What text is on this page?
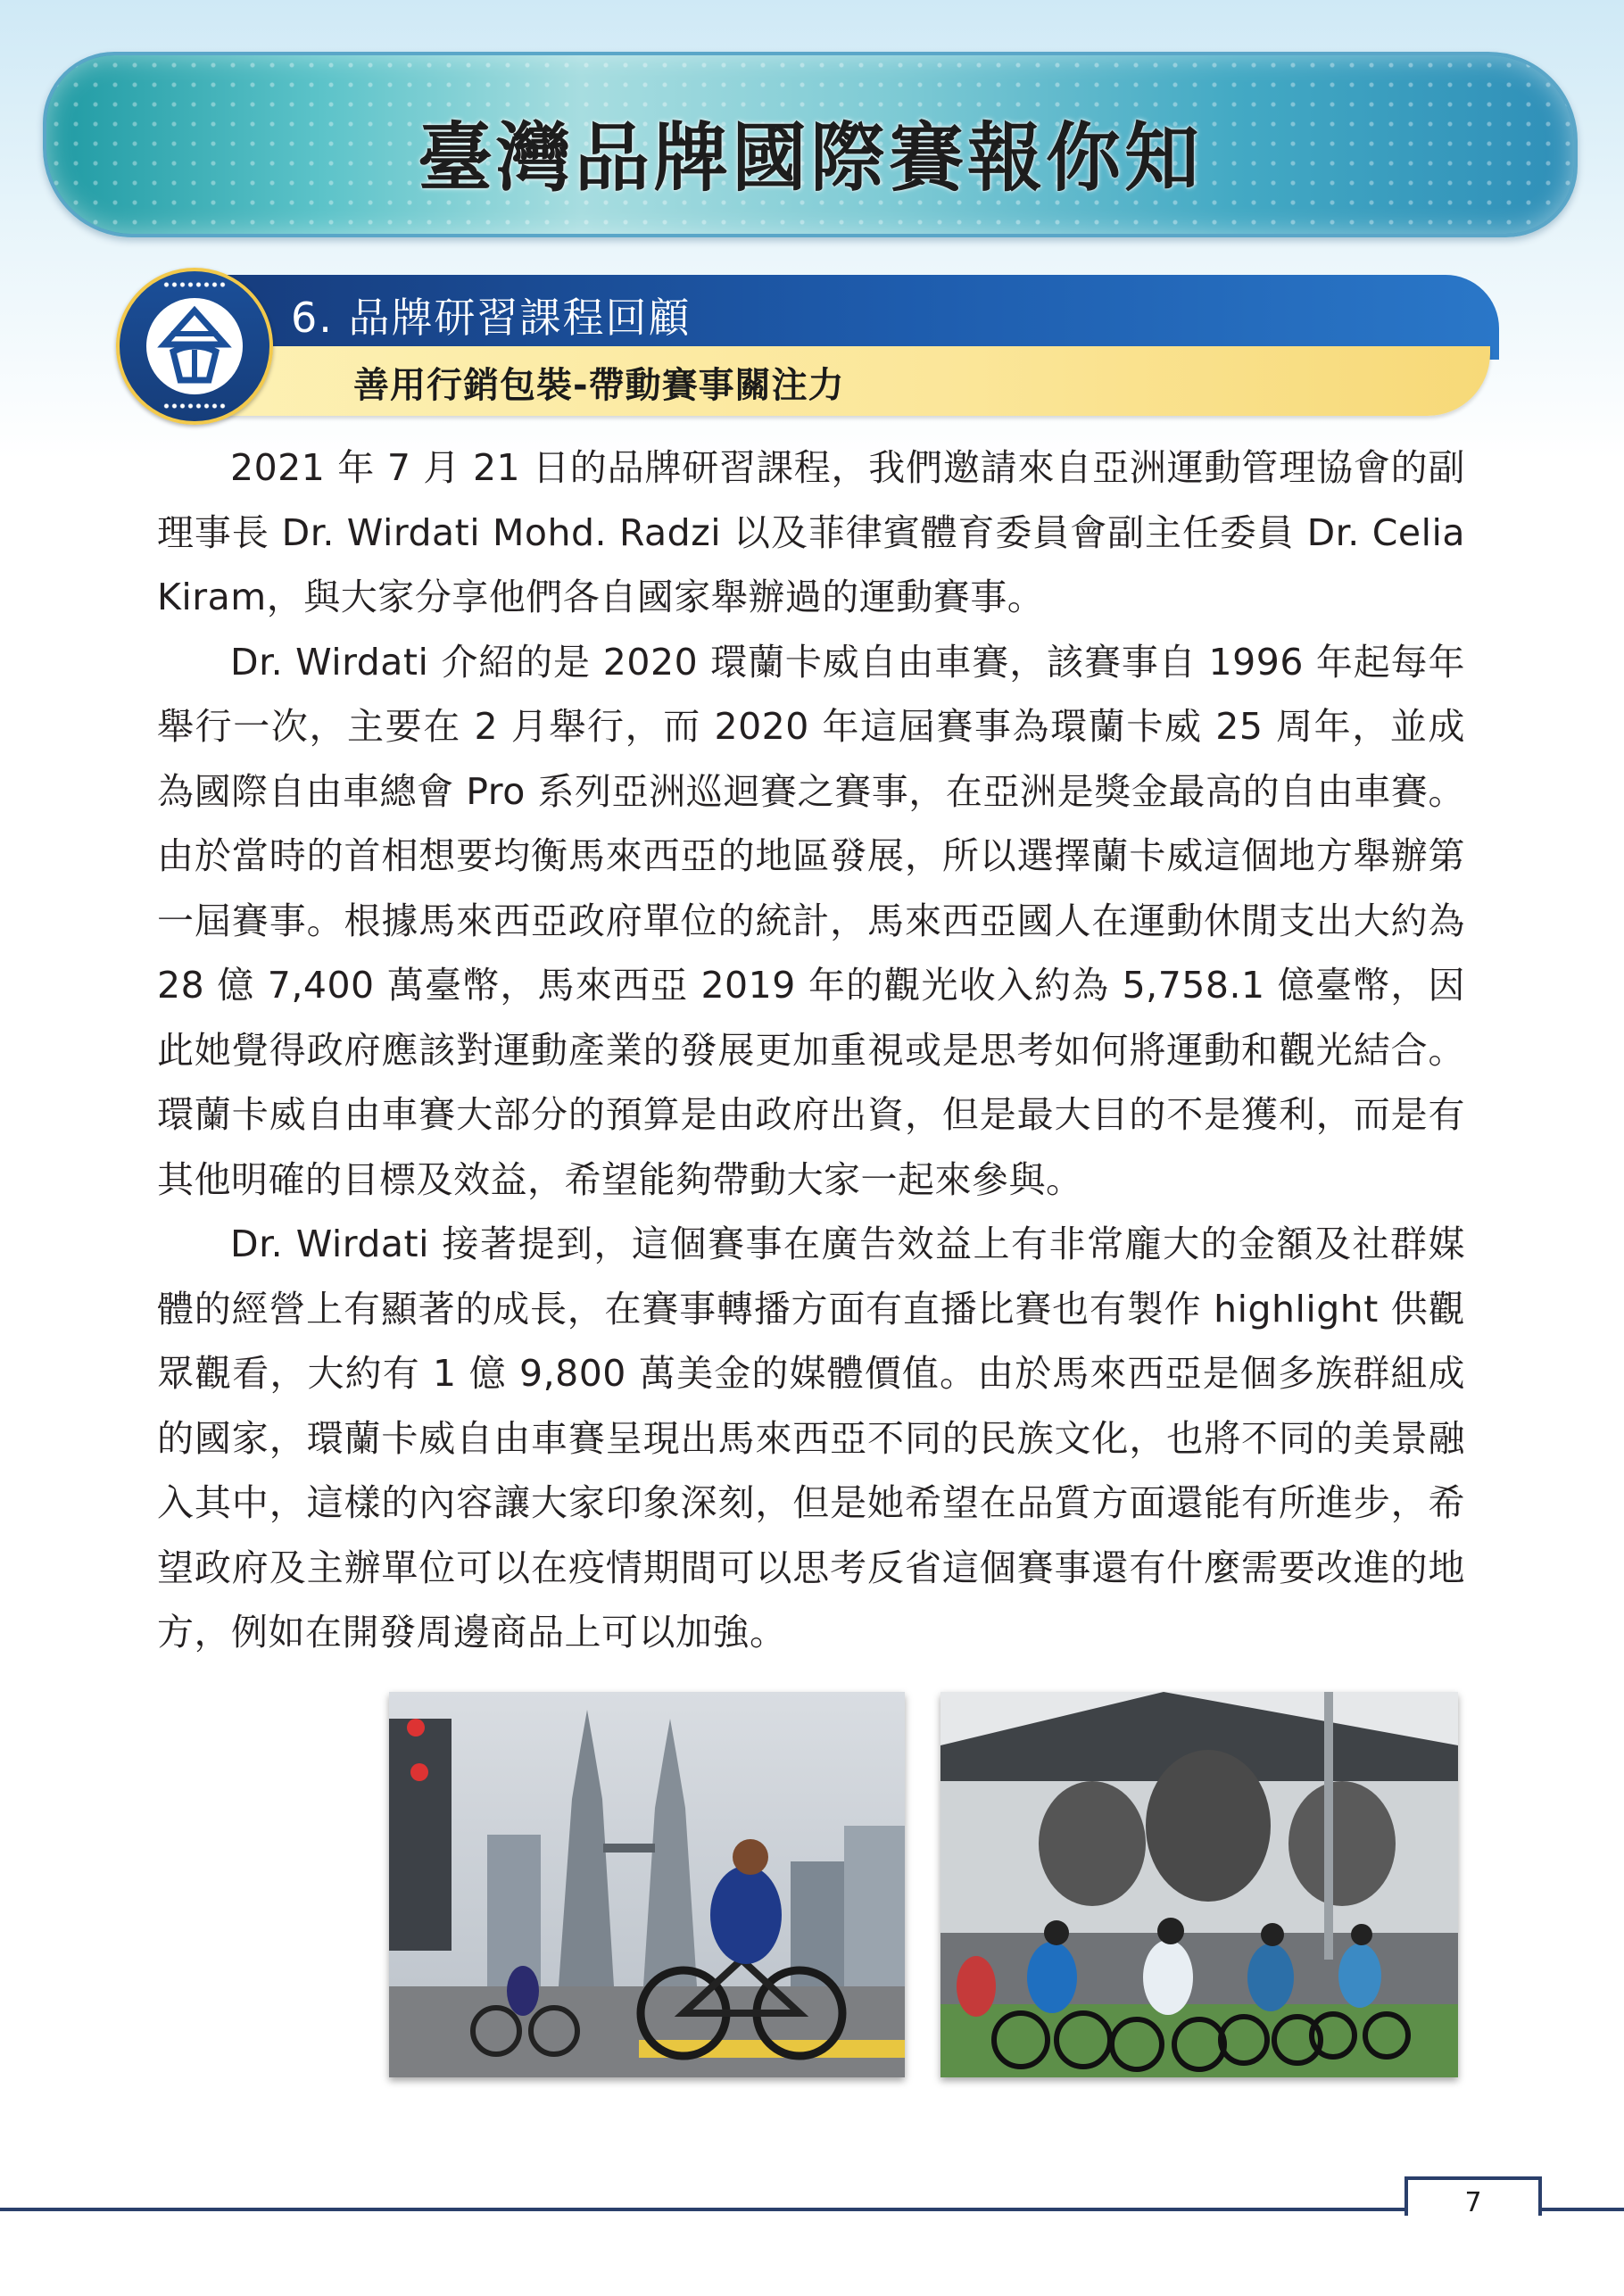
臺灣品牌國際賽報你知
6. 品牌研習課程回顧
善用行銷包裝-帶動賽事關注力

2021 年 7 月 21 日的品牌研習課程，我們邀請來自亞洲運動管理協會的副理事長 Dr. Wirdati Mohd. Radzi 以及菲律賓體育委員會副主任委員 Dr. Celia Kiram，與大家分享他們各自國家舉辦過的運動賽事。

Dr. Wirdati 介紹的是 2020 環蘭卡威自由車賽，該賽事自 1996 年起每年舉行一次，主要在 2 月舉行，而 2020 年這屆賽事為環蘭卡威 25 周年，並成為國際自由車總會 Pro 系列亞洲巡迴賽之賽事，在亞洲是獎金最高的自由車賽。由於當時的首相想要均衡馬來西亞的地區發展，所以選擇蘭卡威這個地方舉辦第一屆賽事。根據馬來西亞政府單位的統計，馬來西亞國人在運動休閒支出大約為 28 億 7,400 萬臺幣，馬來西亞 2019 年的觀光收入約為 5,758.1 億臺幣，因此她覺得政府應該對運動產業的發展更加重視或是思考如何將運動和觀光結合。環蘭卡威自由車賽大部分的預算是由政府出資，但是最大目的不是獲利，而是有其他明確的目標及效益，希望能夠帶動大家一起來參與。

Dr. Wirdati 接著提到，這個賽事在廣告效益上有非常龐大的金額及社群媒體的經營上有顯著的成長，在賽事轉播方面有直播比賽也有製作 highlight 供觀眾觀看，大約有 1 億 9,800 萬美金的媒體價值。由於馬來西亞是個多族群組成的國家，環蘭卡威自由車賽呈現出馬來西亞不同的民族文化，也將不同的美景融入其中，這樣的內容讓大家印象深刻，但是她希望在品質方面還能有所進步，希望政府及主辦單位可以在疫情期間可以思考反省這個賽事還有什麼需要改進的地方，例如在開發周邊商品上可以加強。

7
